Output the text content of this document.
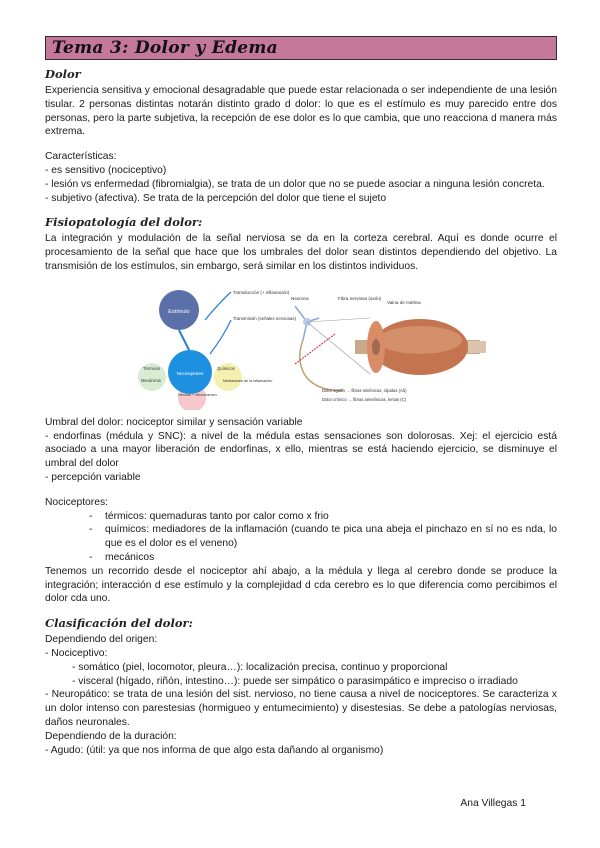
Tema 3: Dolor y Edema
Dolor

Experiencia sensitiva y emocional desagradable que puede estar relacionada o ser independiente de una lesión tisular. 2 personas distintas notarán distinto grado d dolor: lo que es el estímulo es muy parecido entre dos personas, pero la parte subjetiva, la recepción de ese dolor es lo que cambia, que uno reacciona d manera más extrema.

Características:

- es sensitivo (nociceptivo)

- lesión vs enfermedad (fibromialgia), se trata de un dolor que no se puede asociar a ninguna lesión concreta.

- subjetivo (afectiva). Se trata de la percepción del dolor que tiene el sujeto

Fisiopatología del dolor:

La integración y modulación de la señal nerviosa se da en la corteza cerebral. Aquí es donde ocurre el procesamiento de la señal que hace que los umbrales del dolor sean distintos dependiendo del objetivo. La transmisión de los estímulos, sin embargo, será similar en los distintos individuos.

Estímulo
Nociceptores
Térmicos
Mecánicos
Químicos
Mediadores de la inflamación
Nervios + neurotransm.
Transducción (+ inflamación)
Transmisión (señales nerviosas)
Neurona	Fibra nerviosa (axón)
Vaina de mielina
Dolor agudo → fibras mielínicas, rápidas (Aδ)
Dolor crónico → fibras amielínicas, lentas (C)

Umbral del dolor: nociceptor similar y sensación variable

- endorfinas (médula y SNC): a nivel de la médula estas sensaciones son dolorosas. Xej: el ejercicio está asociado a una mayor liberación de endorfinas, x ello, mientras se está haciendo ejercicio, se disminuye el umbral del dolor

- percepción variable

Nociceptores:

- térmicos: quemaduras tanto por calor como x frio
- químicos: mediadores de la inflamación (cuando te pica una abeja el pinchazo en sí no es nda, lo que es el dolor es el veneno)
- mecánicos

Tenemos un recorrido desde el nociceptor ahí abajo, a la médula y llega al cerebro donde se produce la integración; interacción d ese estímulo y la complejidad d cda cerebro es lo que diferencia como percibimos el dolor cda uno.

Clasificación del dolor:

Dependiendo del origen:

- Nociceptivo:

- somático (piel, locomotor, pleura…): localización precisa, continuo y proporcional

- visceral (hígado, riñón, intestino…): puede ser simpático o parasimpático e impreciso o irradiado

- Neuropático: se trata de una lesión del sist. nervioso, no tiene causa a nivel de nociceptores. Se caracteriza x un dolor intenso con parestesias (hormigueo y entumecimiento) y disestesias. Se debe a patologías nerviosas, daños neuronales.

Dependiendo de la duración:

- Agudo: (útil: ya que nos informa de que algo esta dañando al organismo)

Ana Villegas 1
